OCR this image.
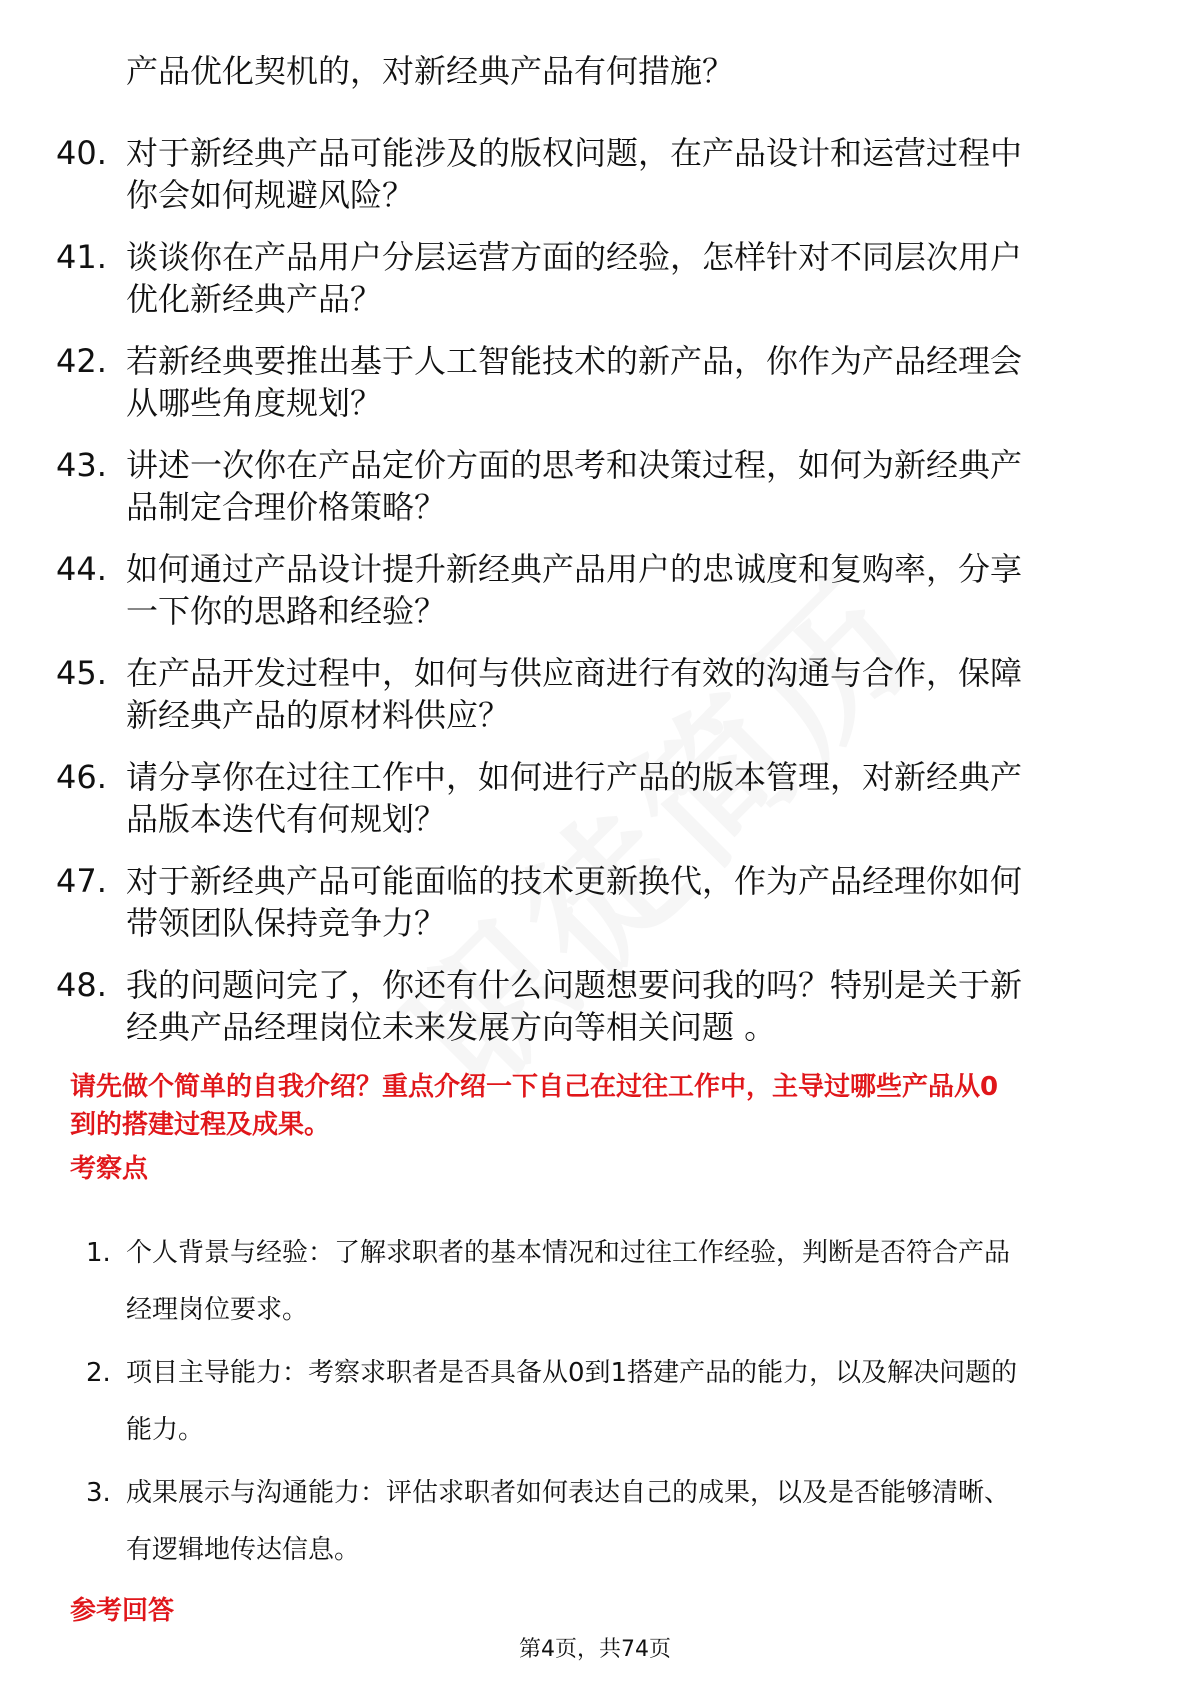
产品优化契机的，对新经典产品有何措施？
40. 对于新经典产品可能涉及的版权问题，在产品设计和运营过程中
你会如何规避风险？
41. 谈谈你在产品用户分层运营方面的经验，怎样针对不同层次用户
优化新经典产品？
42. 若新经典要推出基于人工智能技术的新产品，你作为产品经理会
从哪些角度规划？
43. 讲述一次你在产品定价方面的思考和决策过程，如何为新经典产
品制定合理价格策略？
44. 如何通过产品设计提升新经典产品用户的忠诚度和复购率，分享
一下你的思路和经验？
45. 在产品开发过程中，如何与供应商进行有效的沟通与合作，保障
新经典产品的原材料供应？
46. 请分享你在过往工作中，如何进行产品的版本管理，对新经典产
品版本迭代有何规划？
47. 对于新经典产品可能面临的技术更新换代，作为产品经理你如何
带领团队保持竞争力？
48. 我的问题问完了，你还有什么问题想要问我的吗？特别是关于新
经典产品经理岗位未来发展方向等相关问题 。
请先做个简单的自我介绍？重点介绍一下自己在过往工作中，主导过哪些产品从0
到的搭建过程及成果。
考察点
1. 个人背景与经验：了解求职者的基本情况和过往工作经验，判断是否符合产品
经理岗位要求。
2. 项目主导能力：考察求职者是否具备从0到1搭建产品的能力，以及解决问题的
能力。
3. 成果展示与沟通能力：评估求职者如何表达自己的成果，以及是否能够清晰、
有逻辑地传达信息。
参考回答
第4页，共74页
